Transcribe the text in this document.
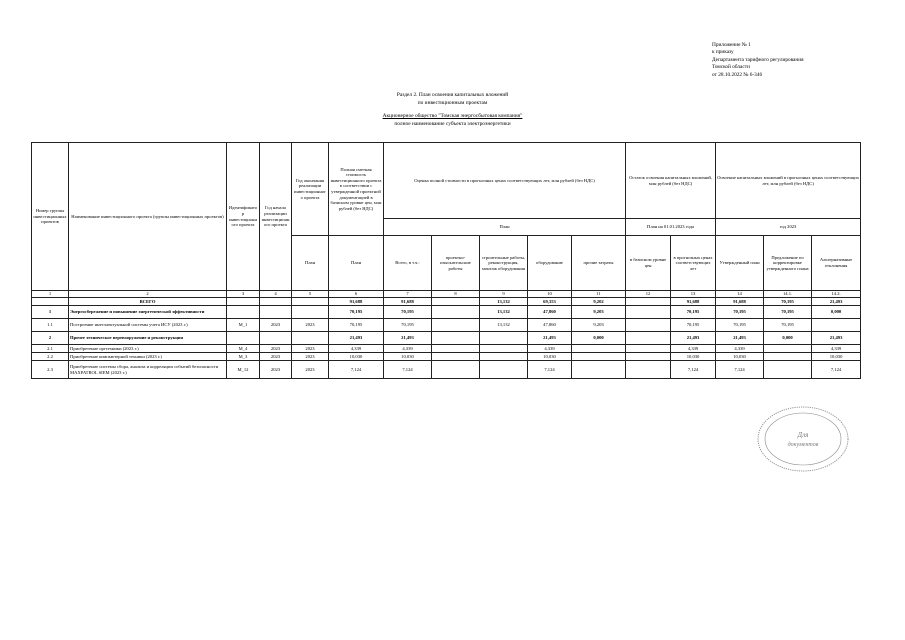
Приложение № 1
к приказу
Департамента тарифного регулирования
Томской области
от 28.10.2022 № 6-346
Раздел 2. План освоения капитальных вложений
по инвестиционным проектам
Акционерное общество "Томская энергосбытовая компания"
полное наименование субъекта электроэнергетики
Номер группы инвестиционных проектов	Наименование инвестиционного проекта (группы инвестиционных проектов)	Идентификатор инвестиционного проекта	Год начала реализации инвестиционного проекта	Год окончания реализации инвестиционного проекта	Полная сметная стоимость инвестиционного проекта в соответствии с утвержденной проектной документацией в базисном уровне цен, млн рублей (без НДС)	Оценка полной стоимости в прогнозных ценах соответствующих лет, млн рублей (без НДС)					Остаток освоения капитальных вложений, млн рублей (без НДС)		Освоение капитальных вложений в прогнозных ценах соответствующих лет, млн рублей (без НДС)		
						План					План на 01.01.2023 года		год 2023		
				План	План	Всего, в т.ч.:	проектно-изыскательские работы	строительные работы, реконструкция, монтаж оборудования	оборудование	прочие затраты	в базисном уровне цен	в прогнозных ценах соответствующих лет	Утвержденный план	Предложение по корректировке утвержденного плана	Альтернативные отклонения
1	2	3	4	5	6	7	8	9	10	11	12	13	14	14.1.	14.2.
	ВСЕГО				91,688	91,688		13,132	69,353	9,202		91,688	91,688	70,195	21,493
1	Энергосбережение и повышение энергетической эффективности				70,195	70,195		13,132	47,860	9,203		70,195	70,195	70,195	0,000
1.1	Построение интеллектуальной системы учета ИСУ (2023 г.)	M_1	2023	2023	70,195	70,195		13,132	47,860	9,203		70,195	70,195	70,195	
2	Прочее техническое перевооружение и реконструкция				21,493	21,493			21,493	0,000		21,493	21,493	0,000	21,493
2.1	Приобретение оргтехники (2023 г.)	M_4	2023	2023	4,339	4,339			4,339			4,339	4,339		4,339
2.2	Приобретение компьютерной техники (2023 г.)	M_3	2023	2023	10,030	10,030			10,030			10,030	10,030		10,030
2.3	Приобретение системы сбора, анализа и корреляции событий безопасности MAXPATROL SIEM (2023 г.)	M_12	2023	2023	7,124	7,124			7,124			7,124	7,124		7,124
Для
документов
